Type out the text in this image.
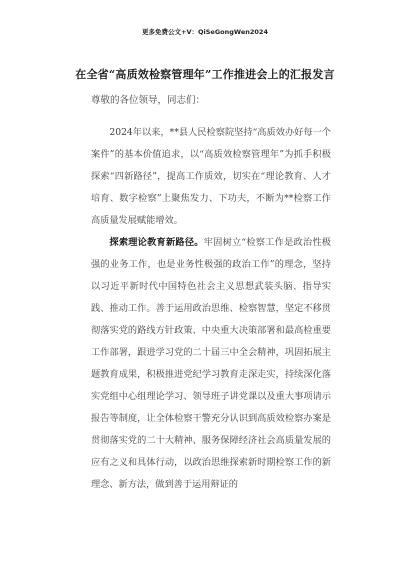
更多免费公文+V：QiSeGongWen2024
在全省“高质效检察管理年”工作推进会上的汇报发言
尊敬的各位领导，同志们：
2024年以来，**县人民检察院坚持“高质效办好每一个案件”的基本价值追求，以“高质效检察管理年”为抓手积极探索“四新路径”，提高工作质效，切实在“理论教育、人才培育、数字检察”上聚焦发力、下功夫，不断为**检察工作高质量发展赋能增效。
探索理论教育新路径。牢固树立“检察工作是政治性极强的业务工作，也是业务性极强的政治工作”的理念，坚持以习近平新时代中国特色社会主义思想武装头脑、指导实践、推动工作。善于运用政治思维、检察智慧，坚定不移贯彻落实党的路线方针政策、中央重大决策部署和最高检重要工作部署，跟进学习党的二十届三中全会精神，巩固拓展主题教育成果，积极推进党纪学习教育走深走实，持续深化落实党组中心组理论学习、领导班子讲党课以及重大事项请示报告等制度，让全体检察干警充分认识到高质效检察办案是贯彻落实党的二十大精神、服务保障经济社会高质量发展的应有之义和具体行动，以政治思维探索新时期检察工作的新理念、新方法，做到善于运用辩证的
